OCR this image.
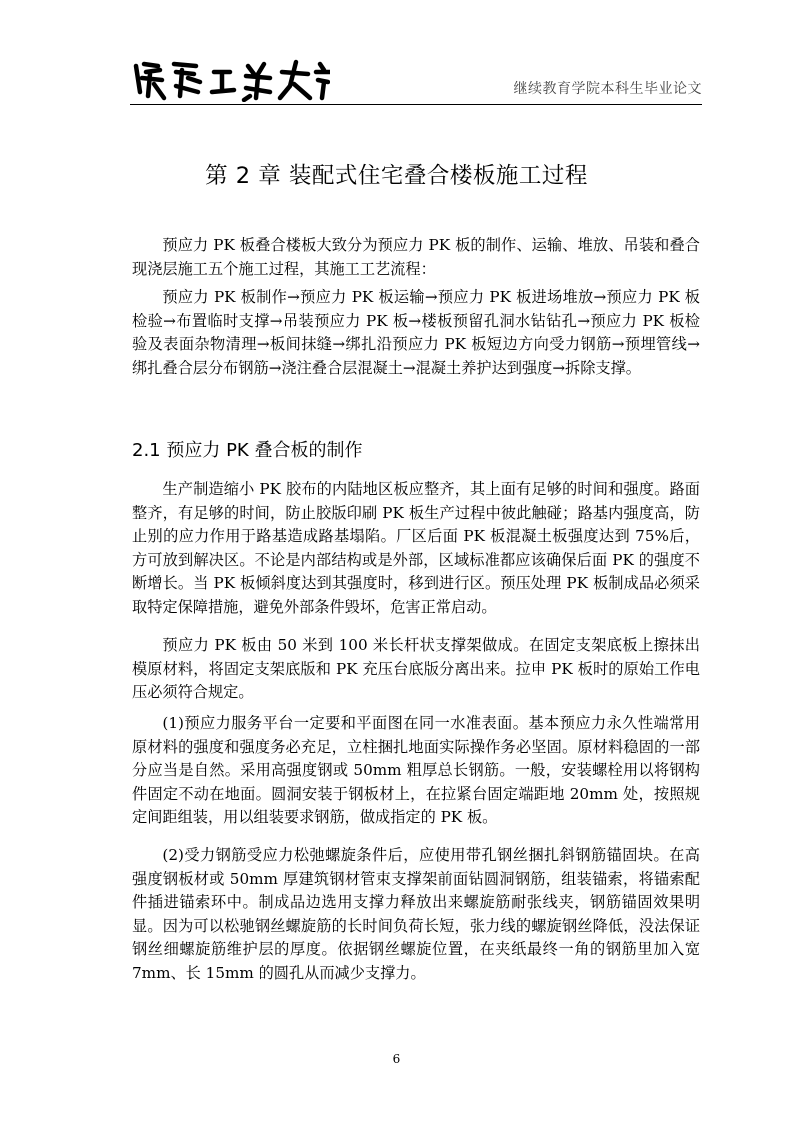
继续教育学院本科生毕业论文
第 2 章 装配式住宅叠合楼板施工过程

预应力 PK 板叠合楼板大致分为预应力 PK 板的制作、运输、堆放、吊装和叠合现浇层施工五个施工过程，其施工工艺流程：

预应力 PK 板制作→预应力 PK 板运输→预应力 PK 板进场堆放→预应力 PK 板检验→布置临时支撑→吊装预应力 PK 板→楼板预留孔洞水钻钻孔→预应力 PK 板检验及表面杂物清理→板间抹缝→绑扎沿预应力 PK 板短边方向受力钢筋→预埋管线→绑扎叠合层分布钢筋→浇注叠合层混凝土→混凝土养护达到强度→拆除支撑。

2.1 预应力 PK 叠合板的制作

生产制造缩小 PK 胶布的内陆地区板应整齐，其上面有足够的时间和强度。路面整齐，有足够的时间，防止胶版印刷 PK 板生产过程中彼此触碰；路基内强度高，防止别的应力作用于路基造成路基塌陷。厂区后面 PK 板混凝土板强度达到 75%后，方可放到解决区。不论是内部结构或是外部，区域标准都应该确保后面 PK 的强度不断增长。当 PK 板倾斜度达到其强度时，移到进行区。预压处理 PK 板制成品必须采取特定保障措施，避免外部条件毁坏，危害正常启动。

预应力 PK 板由 50 米到 100 米长杆状支撑架做成。在固定支架底板上擦抹出模原材料，将固定支架底版和 PK 充压台底版分离出来。拉申 PK 板时的原始工作电压必须符合规定。

(1)预应力服务平台一定要和平面图在同一水准表面。基本预应力永久性端常用原材料的强度和强度务必充足，立柱捆扎地面实际操作务必坚固。原材料稳固的一部分应当是自然。采用高强度钢或 50mm 粗厚总长钢筋。一般，安装螺栓用以将钢构件固定不动在地面。圆洞安装于钢板材上，在拉紧台固定端距地 20mm 处，按照规定间距组装，用以组装要求钢筋，做成指定的 PK 板。

(2)受力钢筋受应力松弛螺旋条件后，应使用带孔钢丝捆扎斜钢筋锚固块。在高强度钢板材或 50mm 厚建筑钢材管束支撑架前面钻圆洞钢筋，组装锚索，将锚索配件插进锚索环中。制成品边选用支撑力释放出来螺旋筋耐张线夹，钢筋锚固效果明显。因为可以松驰钢丝螺旋筋的长时间负荷长短，张力线的螺旋钢丝降低，没法保证钢丝细螺旋筋维护层的厚度。依据钢丝螺旋位置，在夹纸最终一角的钢筋里加入宽 7mm、长 15mm 的圆孔从而减少支撑力。

6
